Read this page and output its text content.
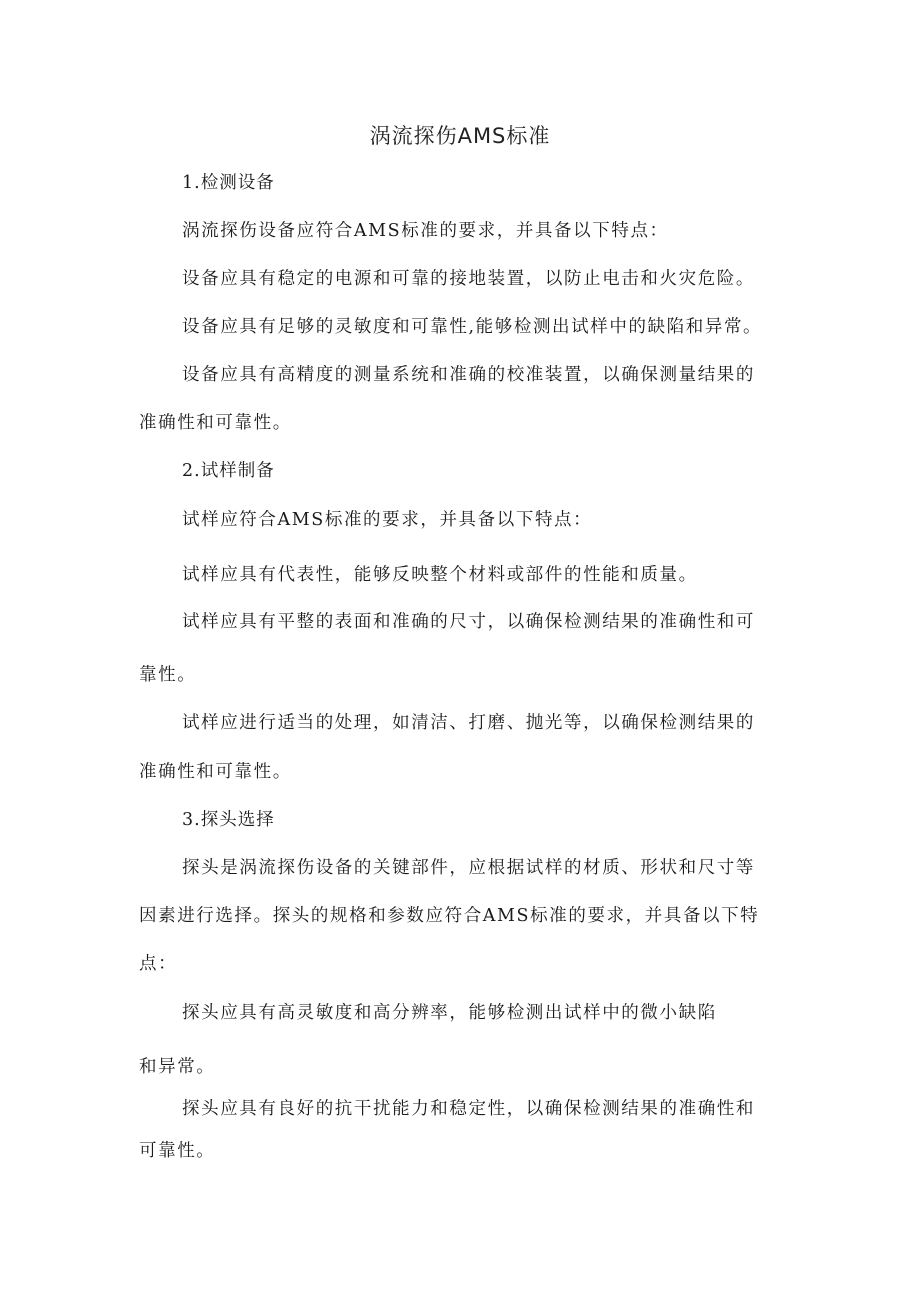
涡流探伤AMS标准

1.检测设备

涡流探伤设备应符合AMS标准的要求，并具备以下特点：

设备应具有稳定的电源和可靠的接地装置，以防止电击和火灾危险。

设备应具有足够的灵敏度和可靠性,能够检测出试样中的缺陷和异常。

设备应具有高精度的测量系统和准确的校准装置，以确保测量结果的

准确性和可靠性。

2.试样制备

试样应符合AMS标准的要求，并具备以下特点：

试样应具有代表性，能够反映整个材料或部件的性能和质量。

试样应具有平整的表面和准确的尺寸，以确保检测结果的准确性和可

靠性。

试样应进行适当的处理，如清洁、打磨、抛光等，以确保检测结果的

准确性和可靠性。

3.探头选择

探头是涡流探伤设备的关键部件，应根据试样的材质、形状和尺寸等

因素进行选择。探头的规格和参数应符合AMS标准的要求，并具备以下特

点：

探头应具有高灵敏度和高分辨率，能够检测出试样中的微小缺陷

和异常。

探头应具有良好的抗干扰能力和稳定性，以确保检测结果的准确性和

可靠性。
